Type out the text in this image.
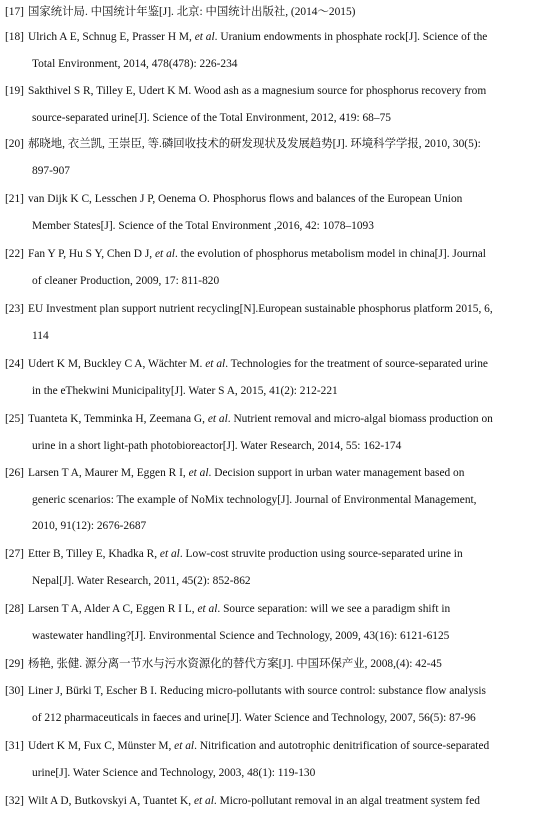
[17] 国家统计局. 中国统计年鉴[J]. 北京: 中国统计出版社, (2014～2015)
[18] Ulrich A E, Schnug E, Prasser H M, et al. Uranium endowments in phosphate rock[J]. Science of the
Total Environment, 2014, 478(478): 226-234
[19] Sakthivel S R, Tilley E, Udert K M. Wood ash as a magnesium source for phosphorus recovery from
source-separated urine[J]. Science of the Total Environment, 2012, 419: 68–75
[20] 郝晓地, 衣兰凯, 王崇臣, 等.磷回收技术的研发现状及发展趋势[J]. 环境科学学报, 2010, 30(5):
897-907
[21] van Dijk K C, Lesschen J P, Oenema O. Phosphorus flows and balances of the European Union
Member States[J]. Science of the Total Environment ,2016, 42: 1078–1093
[22] Fan Y P, Hu S Y, Chen D J, et al. the evolution of phosphorus metabolism model in china[J]. Journal
of cleaner Production, 2009, 17: 811-820
[23] EU Investment plan support nutrient recycling[N].European sustainable phosphorus platform 2015, 6,
114
[24] Udert K M, Buckley C A, Wächter M. et al. Technologies for the treatment of source-separated urine
in the eThekwini Municipality[J]. Water S A, 2015, 41(2): 212-221
[25] Tuanteta K, Temminka H, Zeemana G, et al. Nutrient removal and micro-algal biomass production on
urine in a short light-path photobioreactor[J]. Water Research, 2014, 55: 162-174
[26] Larsen T A, Maurer M, Eggen R I, et al. Decision support in urban water management based on
generic scenarios: The example of NoMix technology[J]. Journal of Environmental Management,
2010, 91(12): 2676-2687
[27] Etter B, Tilley E, Khadka R, et al. Low-cost struvite production using source-separated urine in
Nepal[J]. Water Research, 2011, 45(2): 852-862
[28] Larsen T A, Alder A C, Eggen R I L, et al. Source separation: will we see a paradigm shift in
wastewater handling?[J]. Environmental Science and Technology, 2009, 43(16): 6121-6125
[29] 杨艳, 张健. 源分离一节水与污水资源化的替代方案[J]. 中国环保产业, 2008,(4): 42-45
[30] Liner J, Bürki T, Escher B I. Reducing micro-pollutants with source control: substance flow analysis
of 212 pharmaceuticals in faeces and urine[J]. Water Science and Technology, 2007, 56(5): 87-96
[31] Udert K M, Fux C, Münster M, et al. Nitrification and autotrophic denitrification of source-separated
urine[J]. Water Science and Technology, 2003, 48(1): 119-130
[32] Wilt A D, Butkovskyi A, Tuantet K, et al. Micro-pollutant removal in an algal treatment system fed
